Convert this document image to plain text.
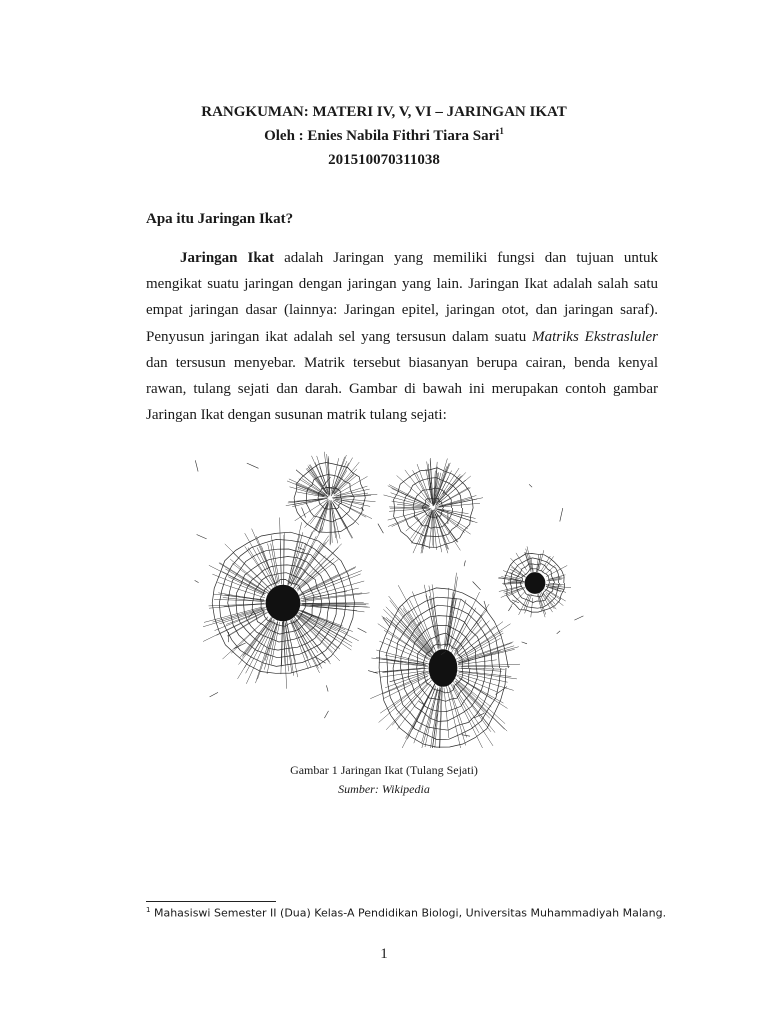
RANGKUMAN: MATERI IV, V, VI – JARINGAN IKAT
Oleh : Enies Nabila Fithri Tiara Sari$^1$
201510070311038
Apa itu Jaringan Ikat?
Jaringan Ikat adalah Jaringan yang memiliki fungsi dan tujuan untuk mengikat suatu jaringan dengan jaringan yang lain. Jaringan Ikat adalah salah satu empat jaringan dasar (lainnya: Jaringan epitel, jaringan otot, dan jaringan saraf). Penyusun jaringan ikat adalah sel yang tersusun dalam suatu Matriks Ekstrasluler dan tersusun menyebar. Matrik tersebut biasanyan berupa cairan, benda kenyal rawan, tulang sejati dan darah. Gambar di bawah ini merupakan contoh gambar Jaringan Ikat dengan susunan matrik tulang sejati:
Gambar 1 Jaringan Ikat (Tulang Sejati)
Sumber: Wikipedia
$^1$ Mahasiswi Semester II (Dua) Kelas-A Pendidikan Biologi, Universitas Muhammadiyah Malang.
1
